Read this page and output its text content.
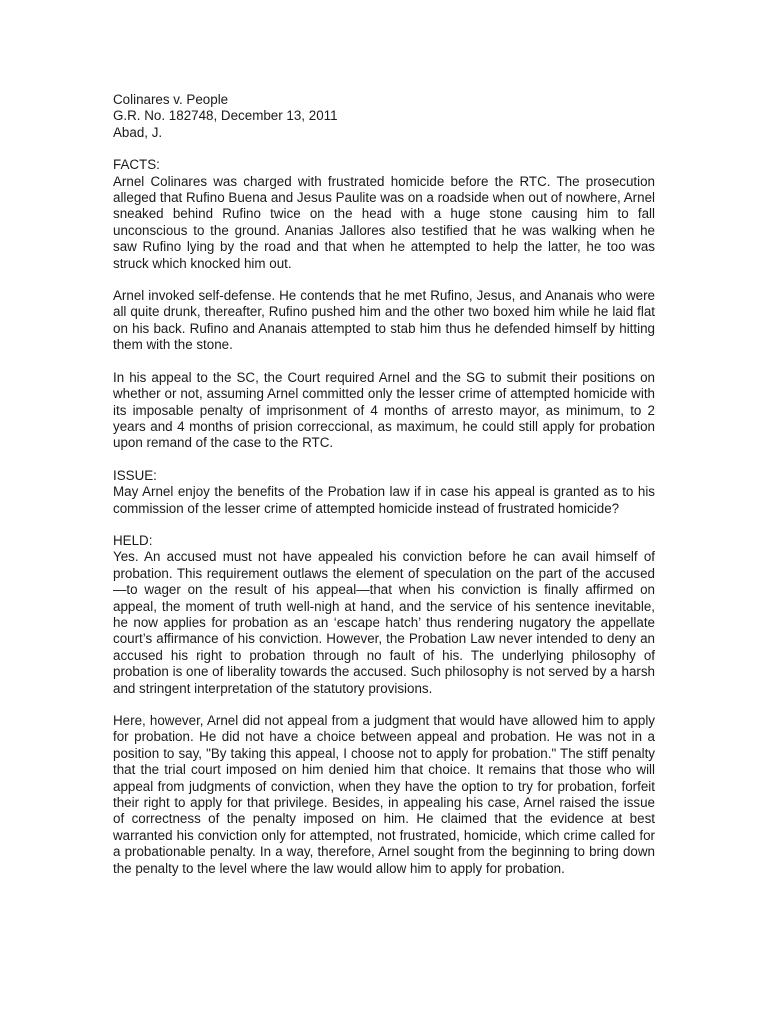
Colinares v. People

G.R. No. 182748, December 13, 2011

Abad, J.

FACTS:

Arnel Colinares was charged with frustrated homicide before the RTC. The prosecution alleged that Rufino Buena and Jesus Paulite was on a roadside when out of nowhere, Arnel sneaked behind Rufino twice on the head with a huge stone causing him to fall unconscious to the ground. Ananias Jallores also testified that he was walking when he saw Rufino lying by the road and that when he attempted to help the latter, he too was struck which knocked him out.

Arnel invoked self-defense. He contends that he met Rufino, Jesus, and Ananais who were all quite drunk, thereafter, Rufino pushed him and the other two boxed him while he laid flat on his back. Rufino and Ananais attempted to stab him thus he defended himself by hitting them with the stone.

In his appeal to the SC, the Court required Arnel and the SG to submit their positions on whether or not, assuming Arnel committed only the lesser crime of attempted homicide with its imposable penalty of imprisonment of 4 months of arresto mayor, as minimum, to 2 years and 4 months of prision correccional, as maximum, he could still apply for probation upon remand of the case to the RTC.

ISSUE:

May Arnel enjoy the benefits of the Probation law if in case his appeal is granted as to his commission of the lesser crime of attempted homicide instead of frustrated homicide?

HELD:

Yes. An accused must not have appealed his conviction before he can avail himself of probation. This requirement outlaws the element of speculation on the part of the accused—to wager on the result of his appeal—that when his conviction is finally affirmed on appeal, the moment of truth well-nigh at hand, and the service of his sentence inevitable, he now applies for probation as an ‘escape hatch’ thus rendering nugatory the appellate court’s affirmance of his conviction. However, the Probation Law never intended to deny an accused his right to probation through no fault of his. The underlying philosophy of probation is one of liberality towards the accused. Such philosophy is not served by a harsh and stringent interpretation of the statutory provisions.

Here, however, Arnel did not appeal from a judgment that would have allowed him to apply for probation. He did not have a choice between appeal and probation. He was not in a position to say, "By taking this appeal, I choose not to apply for probation." The stiff penalty that the trial court imposed on him denied him that choice. It remains that those who will appeal from judgments of conviction, when they have the option to try for probation, forfeit their right to apply for that privilege. Besides, in appealing his case, Arnel raised the issue of correctness of the penalty imposed on him. He claimed that the evidence at best warranted his conviction only for attempted, not frustrated, homicide, which crime called for a probationable penalty. In a way, therefore, Arnel sought from the beginning to bring down the penalty to the level where the law would allow him to apply for probation.
